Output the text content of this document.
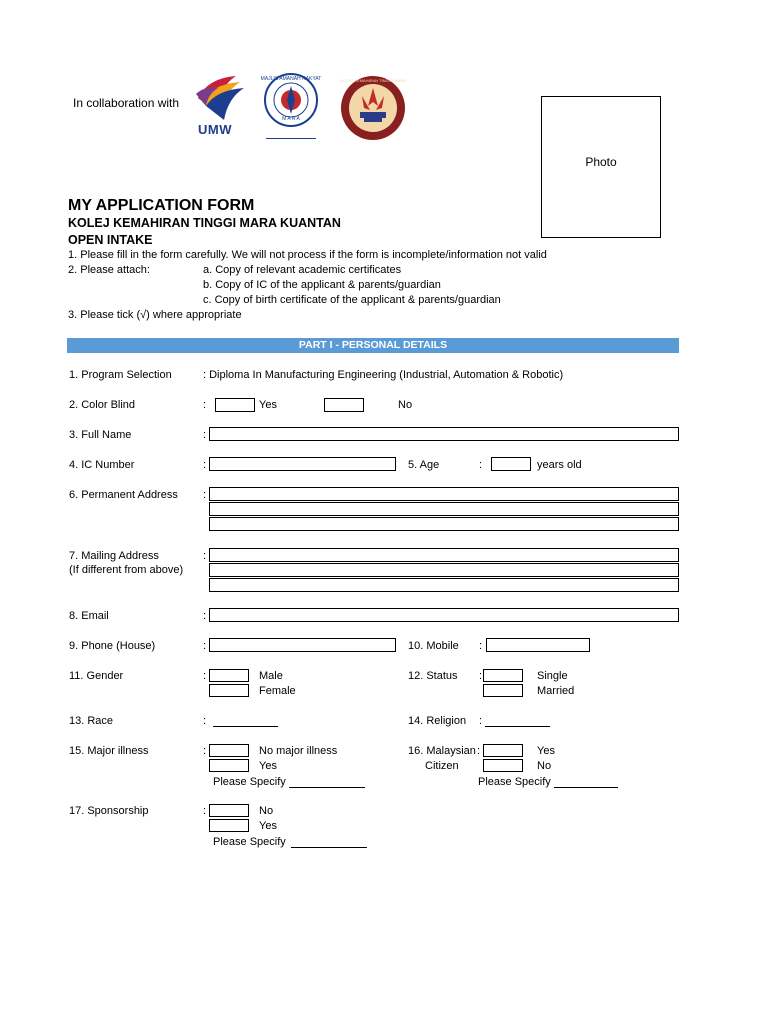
In collaboration with
UMW
MAJLIS AMANAH RAKYAT
M A R A
KOLEJ KEMAHIRAN TINGGI MARA
Photo
MY APPLICATION FORM
KOLEJ KEMAHIRAN TINGGI MARA KUANTAN
OPEN INTAKE
1. Please fill in the form carefully. We will not process if the form is incomplete/information not valid
2. Please attach:	a. Copy of relevant academic certificates
b. Copy of IC of the applicant & parents/guardian
c. Copy of birth certificate of the applicant & parents/guardian
3. Please tick (√) where appropriate
PART I - PERSONAL DETAILS
1. Program Selection	: Diploma In Manufacturing Engineering (Industrial, Automation & Robotic)
2. Color Blind	:	Yes	No
3. Full Name	:
4. IC Number	:	5. Age	:	years old
6. Permanent Address :
7. Mailing Address
(If different from above)
:
8. Email	:
9. Phone (House)	:	10. Mobile :
11. Gender	:	Male
Female
12. Status :	Single
Married
13. Race	:	14. Religion :
15. Major illness	:	No major illness
Yes
Please Specify
16. Malaysian :
Citizen
Yes
No
Please Specify
17. Sponsorship	:	No
Yes
Please Specify
